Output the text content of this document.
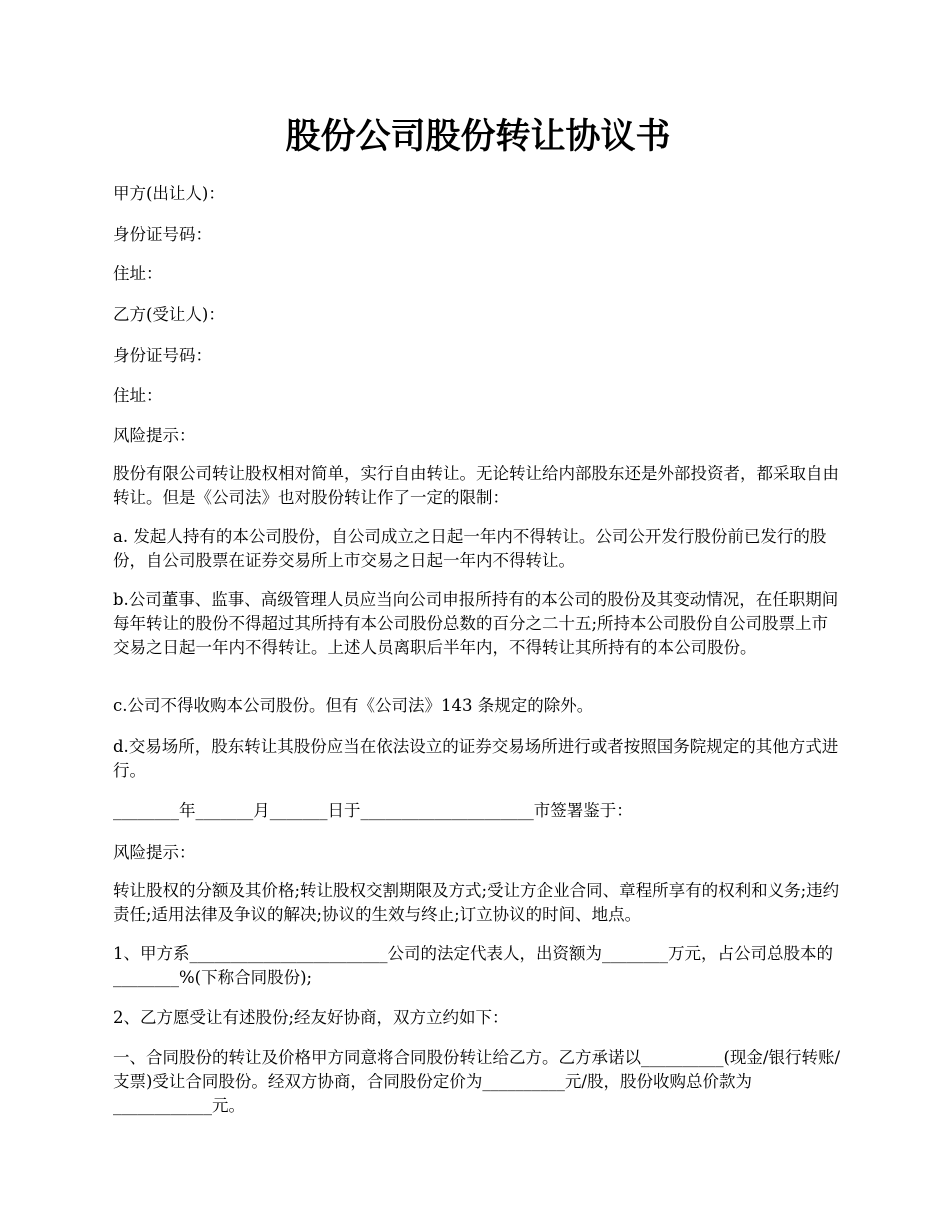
股份公司股份转让协议书

甲方(出让人)：

身份证号码：

住址：

乙方(受让人)：

身份证号码：

住址：

风险提示：

股份有限公司转让股权相对简单，实行自由转让。无论转让给内部股东还是外部投资者，都采取自由转让。但是《公司法》也对股份转让作了一定的限制：

a. 发起人持有的本公司股份，自公司成立之日起一年内不得转让。公司公开发行股份前已发行的股份，自公司股票在证券交易所上市交易之日起一年内不得转让。

b.公司董事、监事、高级管理人员应当向公司申报所持有的本公司的股份及其变动情况，在任职期间每年转让的股份不得超过其所持有本公司股份总数的百分之二十五;所持本公司股份自公司股票上市交易之日起一年内不得转让。上述人员离职后半年内，不得转让其所持有的本公司股份。

c.公司不得收购本公司股份。但有《公司法》143 条规定的除外。

d.交易场所，股东转让其股份应当在依法设立的证券交易场所进行或者按照国务院规定的其他方式进行。

________年_______月_______日于_____________________市签署鉴于：

风险提示：

转让股权的分额及其价格;转让股权交割期限及方式;受让方企业合同、章程所享有的权利和义务;违约责任;适用法律及争议的解决;协议的生效与终止;订立协议的时间、地点。

1、甲方系________________________公司的法定代表人，出资额为________万元，占公司总股本的________%(下称合同股份);

2、乙方愿受让有述股份;经友好协商，双方立约如下：

一、合同股份的转让及价格甲方同意将合同股份转让给乙方。乙方承诺以__________(现金/银行转账/支票)受让合同股份。经双方协商，合同股份定价为__________元/股，股份收购总价款为____________元。
